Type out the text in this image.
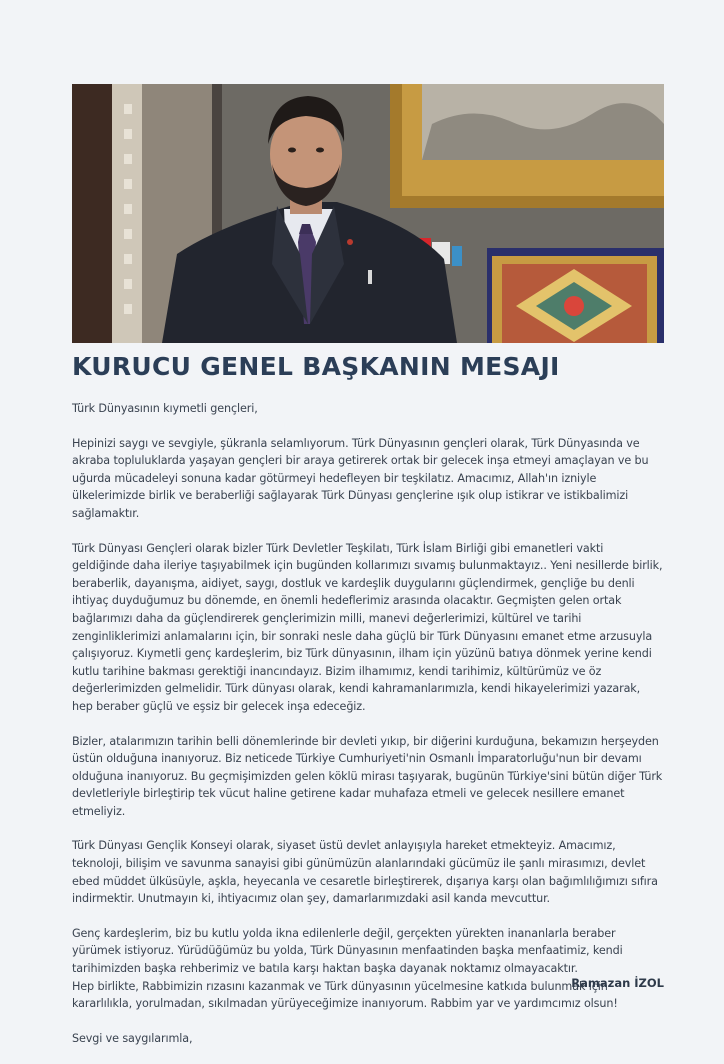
KURUCU GENEL BAŞKANIN MESAJI

Türk Dünyasının kıymetli gençleri,

Hepinizi saygı ve sevgiyle, şükranla selamlıyorum. Türk Dünyasının gençleri olarak, Türk Dünyasında ve akraba topluluklarda yaşayan gençleri bir araya getirerek ortak bir gelecek inşa etmeyi amaçlayan ve bu uğurda mücadeleyi sonuna kadar götürmeyi hedefleyen bir teşkilatız. Amacımız, Allah'ın izniyle ülkelerimizde birlik ve beraberliği sağlayarak Türk Dünyası gençlerine ışık olup istikrar ve istikbalimizi sağlamaktır.

Türk Dünyası Gençleri olarak bizler Türk Devletler Teşkilatı, Türk İslam Birliği gibi emanetleri vakti geldiğinde daha ileriye taşıyabilmek için bugünden kollarımızı sıvamış bulunmaktayız.. Yeni nesillerde birlik, beraberlik, dayanışma, aidiyet, saygı, dostluk ve kardeşlik duygularını güçlendirmek, gençliğe bu denli ihtiyaç duyduğumuz bu dönemde, en önemli hedeflerimiz arasında olacaktır. Geçmişten gelen ortak bağlarımızı daha da güçlendirerek gençlerimizin milli, manevi değerlerimizi, kültürel ve tarihi zenginliklerimizi anlamalarını için, bir sonraki nesle daha güçlü bir Türk Dünyasını emanet etme arzusuyla çalışıyoruz. Kıymetli genç kardeşlerim, biz Türk dünyasının, ilham için yüzünü batıya dönmek yerine kendi kutlu tarihine bakması gerektiği inancındayız. Bizim ilhamımız, kendi tarihimiz, kültürümüz ve öz değerlerimizden gelmelidir. Türk dünyası olarak, kendi kahramanlarımızla, kendi hikayelerimizi yazarak, hep beraber güçlü ve eşsiz bir gelecek inşa edeceğiz.

Bizler, atalarımızın tarihin belli dönemlerinde bir devleti yıkıp, bir diğerini kurduğuna, bekamızın herşeyden üstün olduğuna inanıyoruz. Biz neticede Türkiye Cumhuriyeti'nin Osmanlı İmparatorluğu'nun bir devamı olduğuna inanıyoruz. Bu geçmişimizden gelen köklü mirası taşıyarak, bugünün Türkiye'sini bütün diğer Türk devletleriyle birleştirip tek vücut haline getirene kadar muhafaza etmeli ve gelecek nesillere emanet etmeliyiz.

Türk Dünyası Gençlik Konseyi olarak, siyaset üstü devlet anlayışıyla hareket etmekteyiz. Amacımız, teknoloji, bilişim ve savunma sanayisi gibi günümüzün alanlarındaki gücümüz ile şanlı mirasımızı, devlet ebed müddet ülküsüyle, aşkla, heyecanla ve cesaretle birleştirerek, dışarıya karşı olan bağımlılığımızı sıfıra indirmektir. Unutmayın ki, ihtiyacımız olan şey, damarlarımızdaki asil kanda mevcuttur.

Genç kardeşlerim, biz bu kutlu yolda ikna edilenlerle değil, gerçekten yürekten inananlarla beraber yürümek istiyoruz. Yürüdüğümüz bu yolda, Türk Dünyasının menfaatinden başka menfaatimiz, kendi tarihimizden başka rehberimiz ve batıla karşı haktan başka dayanak noktamız olmayacaktır.

Hep birlikte, Rabbimizin rızasını kazanmak ve Türk dünyasının yücelmesine katkıda bulunmak için kararlılıkla, yorulmadan, sıkılmadan yürüyeceğimize inanıyorum. Rabbim yar ve yardımcımız olsun!

Sevgi ve saygılarımla,

Ramazan İZOL
